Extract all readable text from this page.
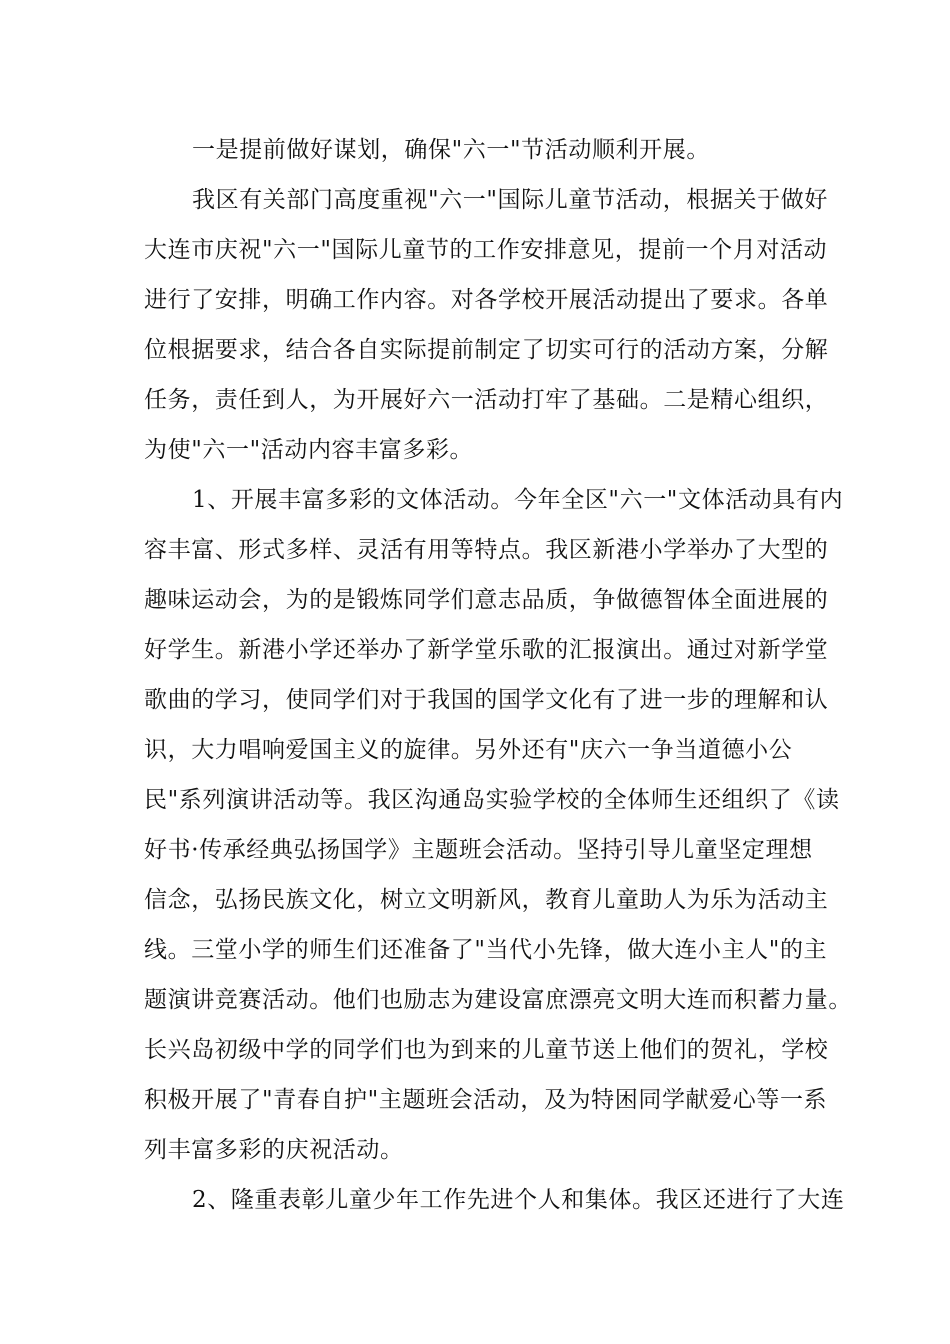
一是提前做好谋划，确保"六一"节活动顺利开展。
我区有关部门高度重视"六一"国际儿童节活动，根据关于做好
大连市庆祝"六一"国际儿童节的工作安排意见，提前一个月对活动
进行了安排，明确工作内容。对各学校开展活动提出了要求。各单
位根据要求，结合各自实际提前制定了切实可行的活动方案，分解
任务，责任到人，为开展好六一活动打牢了基础。二是精心组织，
为使"六一"活动内容丰富多彩。
1、开展丰富多彩的文体活动。今年全区"六一"文体活动具有内
容丰富、形式多样、灵活有用等特点。我区新港小学举办了大型的
趣味运动会，为的是锻炼同学们意志品质，争做德智体全面进展的
好学生。新港小学还举办了新学堂乐歌的汇报演出。通过对新学堂
歌曲的学习，使同学们对于我国的国学文化有了进一步的理解和认
识，大力唱响爱国主义的旋律。另外还有"庆六一争当道德小公
民"系列演讲活动等。我区沟通岛实验学校的全体师生还组织了《读
好书·传承经典弘扬国学》主题班会活动。坚持引导儿童坚定理想
信念，弘扬民族文化，树立文明新风，教育儿童助人为乐为活动主
线。三堂小学的师生们还准备了"当代小先锋，做大连小主人"的主
题演讲竞赛活动。他们也励志为建设富庶漂亮文明大连而积蓄力量。
长兴岛初级中学的同学们也为到来的儿童节送上他们的贺礼，学校
积极开展了"青春自护"主题班会活动，及为特困同学献爱心等一系
列丰富多彩的庆祝活动。
2、隆重表彰儿童少年工作先进个人和集体。我区还进行了大连
